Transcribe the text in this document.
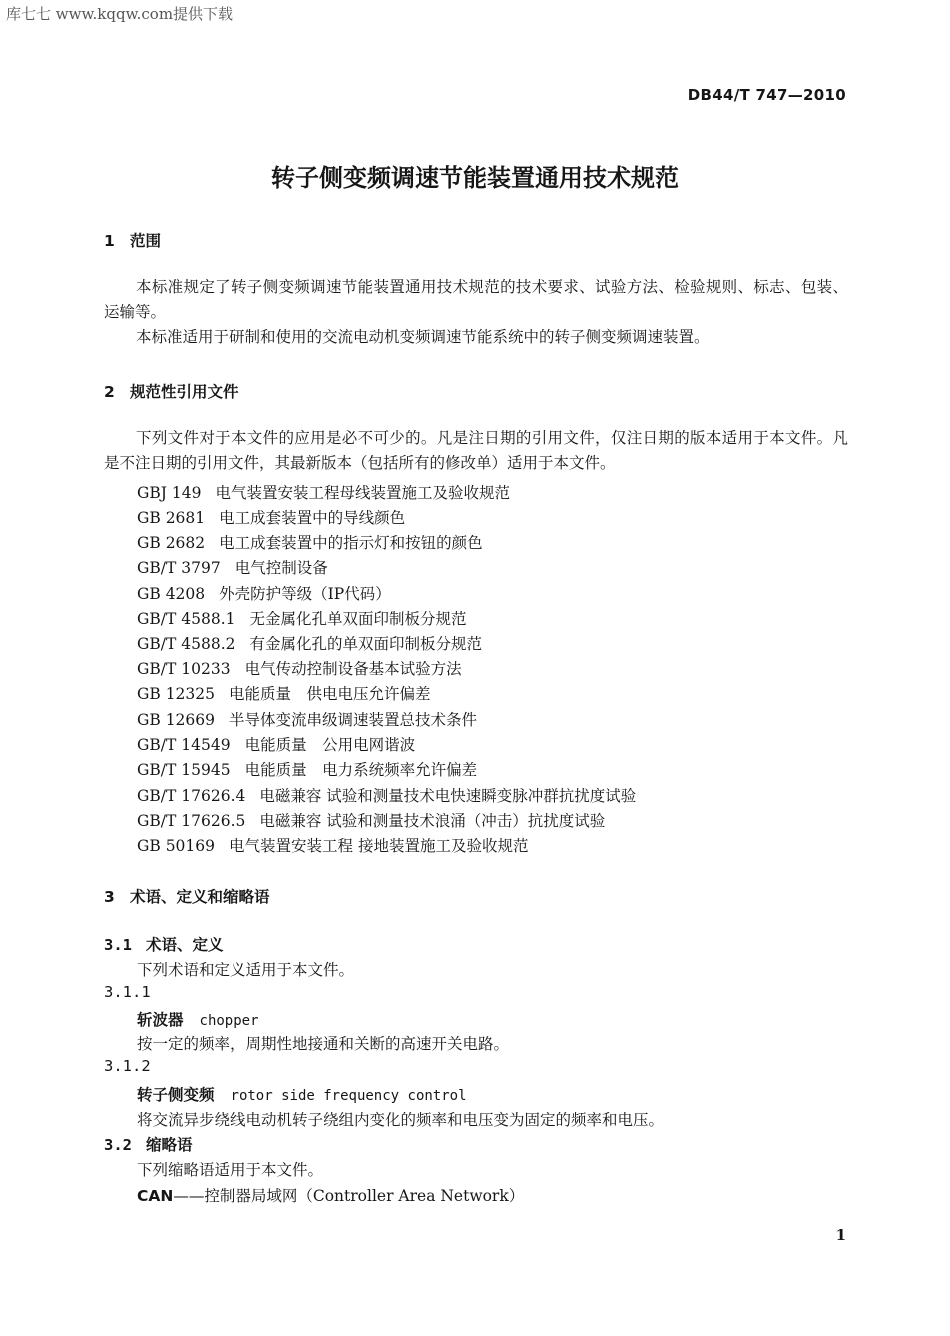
库七七 www.kqqw.com提供下载
DB44/T 747—2010
转子侧变频调速节能装置通用技术规范
1 范围
本标准规定了转子侧变频调速节能装置通用技术规范的技术要求、试验方法、检验规则、标志、包装、运输等。
本标准适用于研制和使用的交流电动机变频调速节能系统中的转子侧变频调速装置。
2 规范性引用文件
下列文件对于本文件的应用是必不可少的。凡是注日期的引用文件，仅注日期的版本适用于本文件。凡是不注日期的引用文件，其最新版本（包括所有的修改单）适用于本文件。
GBJ 149 电气装置安装工程母线装置施工及验收规范
GB 2681 电工成套装置中的导线颜色
GB 2682 电工成套装置中的指示灯和按钮的颜色
GB/T 3797 电气控制设备
GB 4208 外壳防护等级（IP代码）
GB/T 4588.1 无金属化孔单双面印制板分规范
GB/T 4588.2 有金属化孔的单双面印制板分规范
GB/T 10233 电气传动控制设备基本试验方法
GB 12325 电能质量　供电电压允许偏差
GB 12669 半导体变流串级调速装置总技术条件
GB/T 14549 电能质量　公用电网谐波
GB/T 15945 电能质量　电力系统频率允许偏差
GB/T 17626.4 电磁兼容 试验和测量技术电快速瞬变脉冲群抗扰度试验
GB/T 17626.5 电磁兼容 试验和测量技术浪涌（冲击）抗扰度试验
GB 50169 电气装置安装工程 接地装置施工及验收规范
3 术语、定义和缩略语
3.1 术语、定义
下列术语和定义适用于本文件。
3.1.1
斩波器 chopper
按一定的频率，周期性地接通和关断的高速开关电路。
3.1.2
转子侧变频 rotor side frequency control
将交流异步绕线电动机转子绕组内变化的频率和电压变为固定的频率和电压。
3.2 缩略语
下列缩略语适用于本文件。
CAN——控制器局域网（Controller Area Network）
1
